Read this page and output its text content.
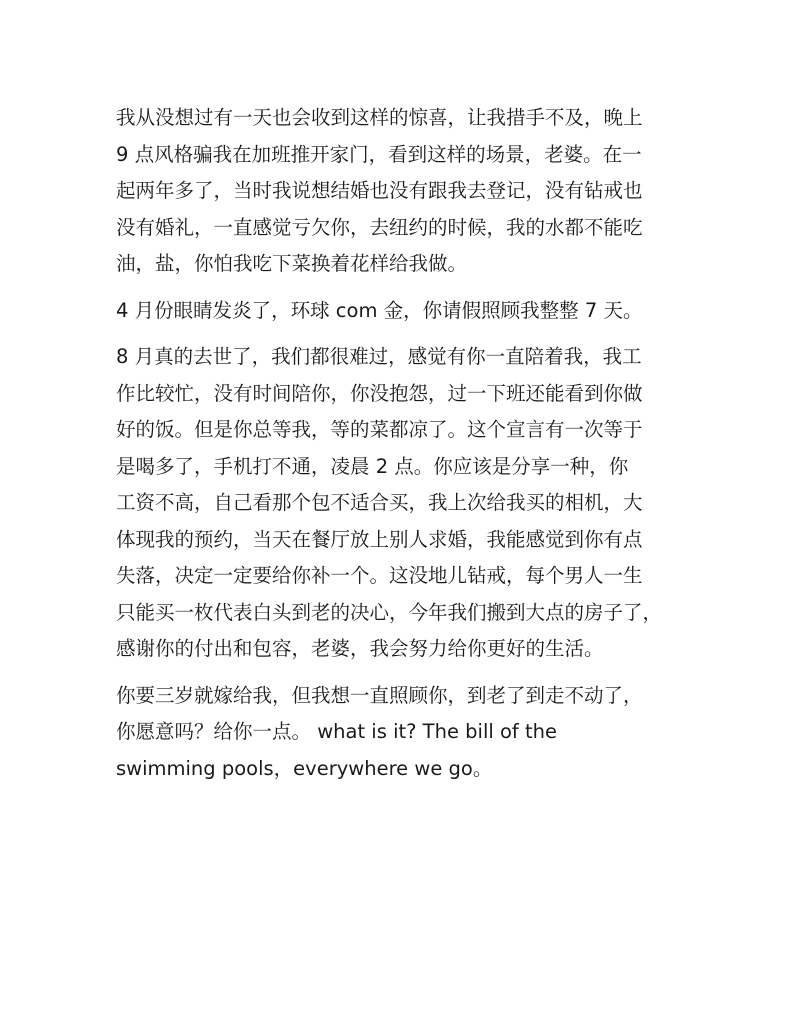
我从没想过有一天也会收到这样的惊喜，让我措手不及，晚上
9 点风格骗我在加班推开家门，看到这样的场景，老婆。在一
起两年多了，当时我说想结婚也没有跟我去登记，没有钻戒也
没有婚礼，一直感觉亏欠你，去纽约的时候，我的水都不能吃
油，盐，你怕我吃下菜换着花样给我做。

4 月份眼睛发炎了，环球 com 金，你请假照顾我整整 7 天。

8 月真的去世了，我们都很难过，感觉有你一直陪着我，我工
作比较忙，没有时间陪你，你没抱怨，过一下班还能看到你做
好的饭。但是你总等我，等的菜都凉了。这个宣言有一次等于
是喝多了，手机打不通，凌晨 2 点。你应该是分享一种，你
工资不高，自己看那个包不适合买，我上次给我买的相机，大
体现我的预约，当天在餐厅放上别人求婚，我能感觉到你有点
失落，决定一定要给你补一个。这没地儿钻戒，每个男人一生
只能买一枚代表白头到老的决心，今年我们搬到大点的房子了，
感谢你的付出和包容，老婆，我会努力给你更好的生活。

你要三岁就嫁给我，但我想一直照顾你，到老了到走不动了，
你愿意吗？给你一点。 what is it? The bill of the
swimming pools，everywhere we go。
